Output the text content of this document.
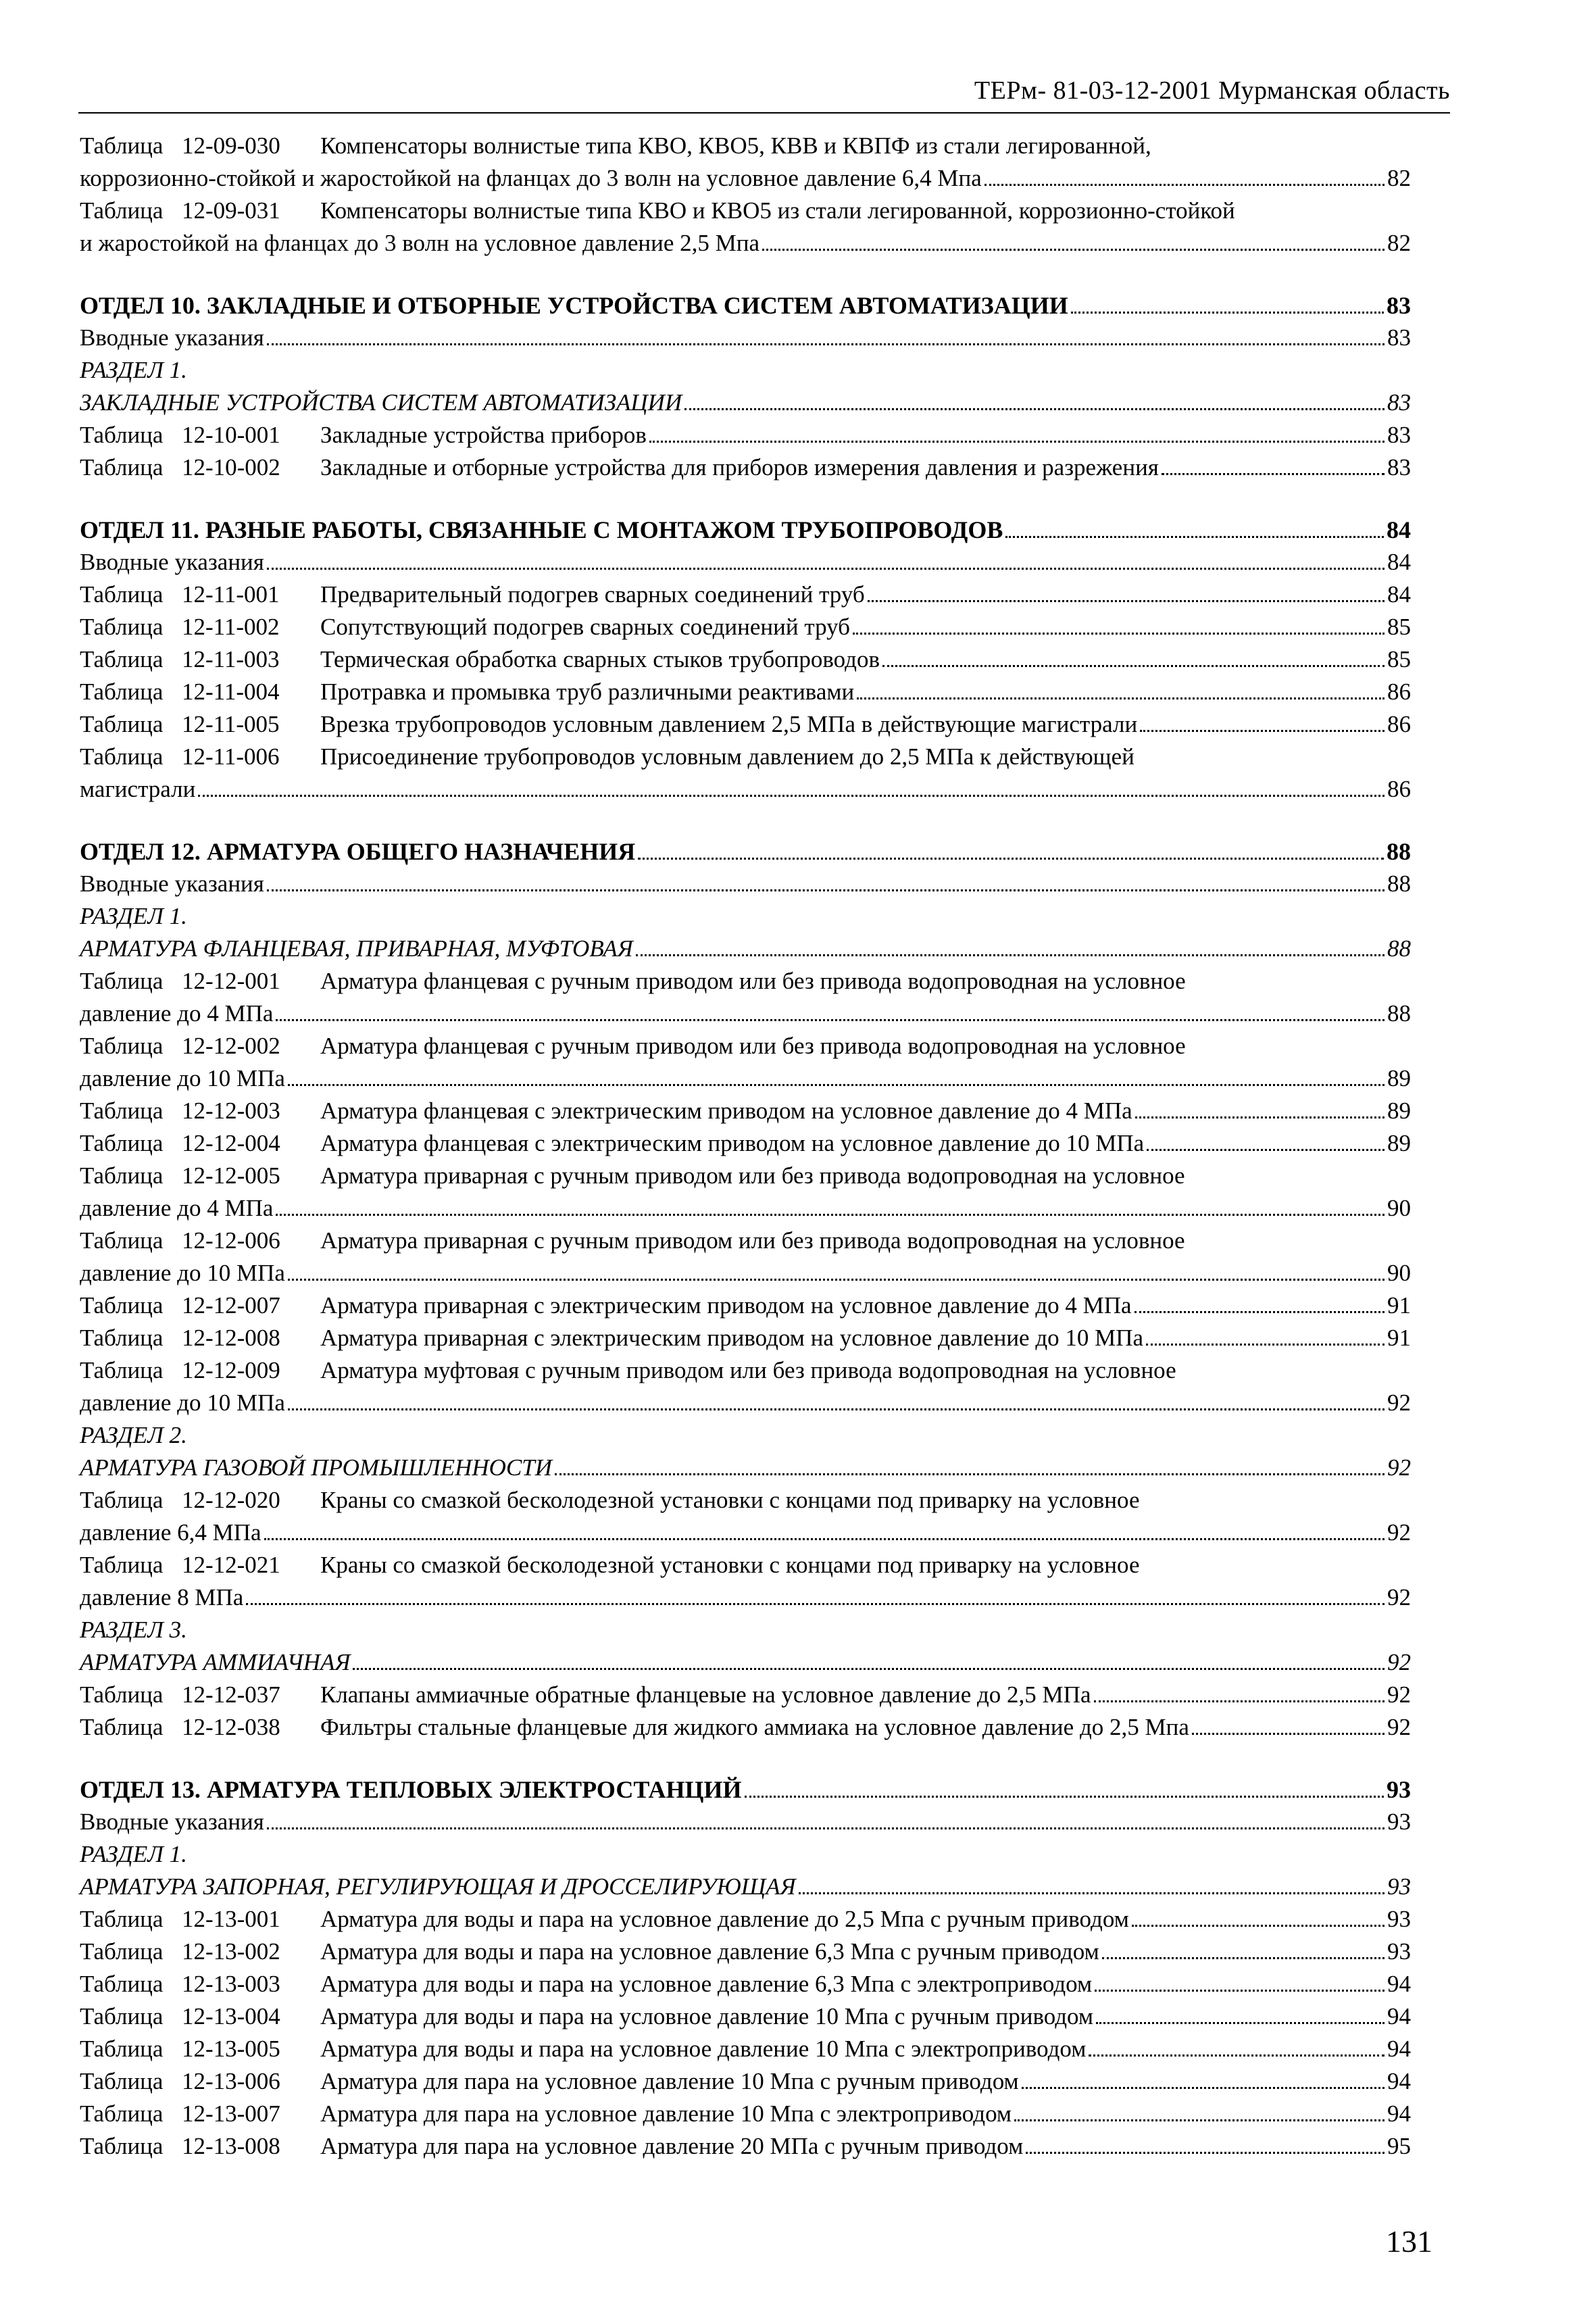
ТЕРм- 81-03-12-2001 Мурманская область
Таблица 12-09-030 Компенсаторы волнистые типа КВО, КВО5, КВВ и КВПФ из стали легированной,
коррозионно-стойкой и жаростойкой на фланцах до 3 волн на условное давление 6,4 Мпа	82
Таблица 12-09-031 Компенсаторы волнистые типа КВО и КВО5 из стали легированной, коррозионно-стойкой
и жаростойкой на фланцах до 3 волн на условное давление 2,5 Мпа	82
ОТДЕЛ 10. ЗАКЛАДНЫЕ И ОТБОРНЫЕ УСТРОЙСТВА СИСТЕМ АВТОМАТИЗАЦИИ	83
Вводные указания	83
РАЗДЕЛ 1.
ЗАКЛАДНЫЕ УСТРОЙСТВА СИСТЕМ АВТОМАТИЗАЦИИ	83
Таблица 12-10-001	Закладные устройства приборов	83
Таблица 12-10-002	Закладные и отборные устройства для приборов измерения давления и разрежения	83
ОТДЕЛ 11. РАЗНЫЕ РАБОТЫ, СВЯЗАННЫЕ С МОНТАЖОМ ТРУБОПРОВОДОВ	84
Вводные указания	84
Таблица 12-11-001	Предварительный подогрев сварных соединений труб	84
Таблица 12-11-002	Сопутствующий подогрев сварных соединений труб	85
Таблица 12-11-003	Термическая обработка сварных стыков трубопроводов	85
Таблица 12-11-004	Протравка и промывка труб различными реактивами	86
Таблица 12-11-005	Врезка трубопроводов условным давлением 2,5 МПа в действующие магистрали	86
Таблица 12-11-006 Присоединение трубопроводов условным давлением до 2,5 МПа к действующей
магистрали	86
ОТДЕЛ 12. АРМАТУРА ОБЩЕГО НАЗНАЧЕНИЯ	88
Вводные указания	88
РАЗДЕЛ 1.
АРМАТУРА ФЛАНЦЕВАЯ, ПРИВАРНАЯ, МУФТОВАЯ	88
Таблица 12-12-001 Арматура фланцевая с ручным приводом или без привода водопроводная на условное
давление до 4 МПа	88
Таблица 12-12-002 Арматура фланцевая с ручным приводом или без привода водопроводная на условное
давление до 10 МПа	89
Таблица 12-12-003	Арматура фланцевая с электрическим приводом на условное давление до 4 МПа	89
Таблица 12-12-004	Арматура фланцевая с электрическим приводом на условное давление до 10 МПа	89
Таблица 12-12-005 Арматура приварная с ручным приводом или без привода водопроводная на условное
давление до 4 МПа	90
Таблица 12-12-006 Арматура приварная с ручным приводом или без привода водопроводная на условное
давление до 10 МПа	90
Таблица 12-12-007	Арматура приварная с электрическим приводом на условное давление до 4 МПа	91
Таблица 12-12-008	Арматура приварная с электрическим приводом на условное давление до 10 МПа	91
Таблица 12-12-009 Арматура муфтовая с ручным приводом или без привода водопроводная на условное
давление до 10 МПа	92
РАЗДЕЛ 2.
АРМАТУРА ГАЗОВОЙ ПРОМЫШЛЕННОСТИ	92
Таблица 12-12-020 Краны со смазкой бесколодезной установки с концами под приварку на условное
давление 6,4 МПа	92
Таблица 12-12-021 Краны со смазкой бесколодезной установки с концами под приварку на условное
давление 8 МПа	92
РАЗДЕЛ 3.
АРМАТУРА АММИАЧНАЯ	92
Таблица 12-12-037	Клапаны аммиачные обратные фланцевые на условное давление до 2,5 МПа	92
Таблица 12-12-038	Фильтры стальные фланцевые для жидкого аммиака на условное давление до 2,5 Мпа	92
ОТДЕЛ 13. АРМАТУРА ТЕПЛОВЫХ ЭЛЕКТРОСТАНЦИЙ	93
Вводные указания	93
РАЗДЕЛ 1.
АРМАТУРА ЗАПОРНАЯ, РЕГУЛИРУЮЩАЯ И ДРОССЕЛИРУЮЩАЯ	93
Таблица 12-13-001	Арматура для воды и пара на условное давление до 2,5 Мпа с ручным приводом	93
Таблица 12-13-002	Арматура для воды и пара на условное давление 6,3 Мпа с ручным приводом	93
Таблица 12-13-003	Арматура для воды и пара на условное давление 6,3 Мпа с электроприводом	94
Таблица 12-13-004	Арматура для воды и пара на условное давление 10 Мпа с ручным приводом	94
Таблица 12-13-005	Арматура для воды и пара на условное давление 10 Мпа с электроприводом	94
Таблица 12-13-006	Арматура для пара на условное давление 10 Мпа с ручным приводом	94
Таблица 12-13-007	Арматура для пара на условное давление 10 Мпа с электроприводом	94
Таблица 12-13-008	Арматура для пара на условное давление 20 МПа с ручным приводом	95
131
